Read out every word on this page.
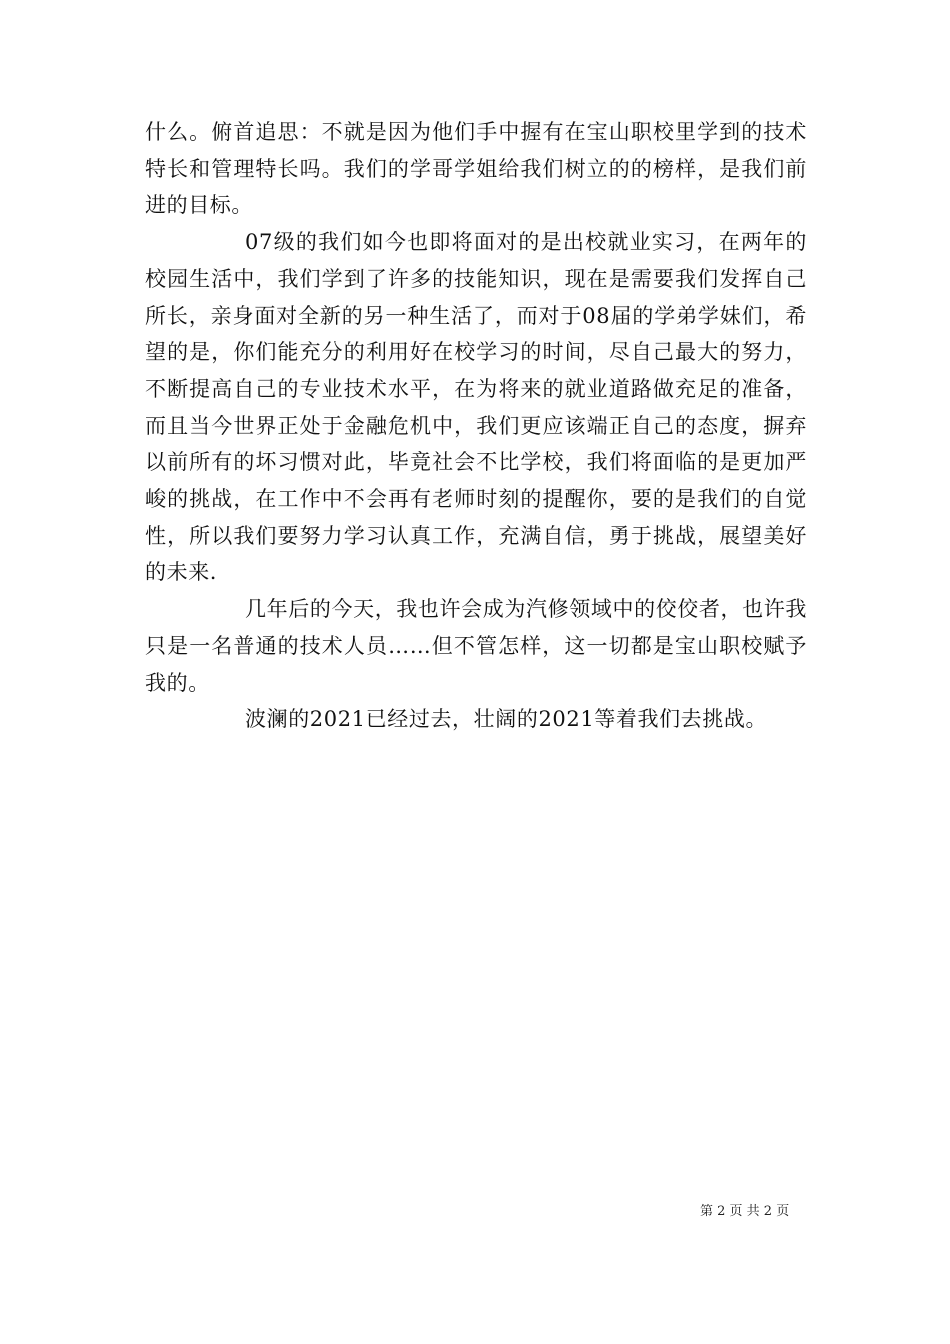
什么。俯首追思：不就是因为他们手中握有在宝山职校里学到的技术特长和管理特长吗。我们的学哥学姐给我们树立的的榜样，是我们前进的目标。

07级的我们如今也即将面对的是出校就业实习，在两年的校园生活中，我们学到了许多的技能知识，现在是需要我们发挥自己所长，亲身面对全新的另一种生活了，而对于08届的学弟学妹们，希望的是，你们能充分的利用好在校学习的时间，尽自己最大的努力，不断提高自己的专业技术水平，在为将来的就业道路做充足的准备，而且当今世界正处于金融危机中，我们更应该端正自己的态度，摒弃以前所有的坏习惯对此，毕竟社会不比学校，我们将面临的是更加严峻的挑战，在工作中不会再有老师时刻的提醒你，要的是我们的自觉性，所以我们要努力学习认真工作，充满自信，勇于挑战，展望美好的未来.

几年后的今天，我也许会成为汽修领域中的佼佼者，也许我只是一名普通的技术人员……但不管怎样，这一切都是宝山职校赋予我的。

波澜的2021已经过去，壮阔的2021等着我们去挑战。

第 2 页 共 2 页
